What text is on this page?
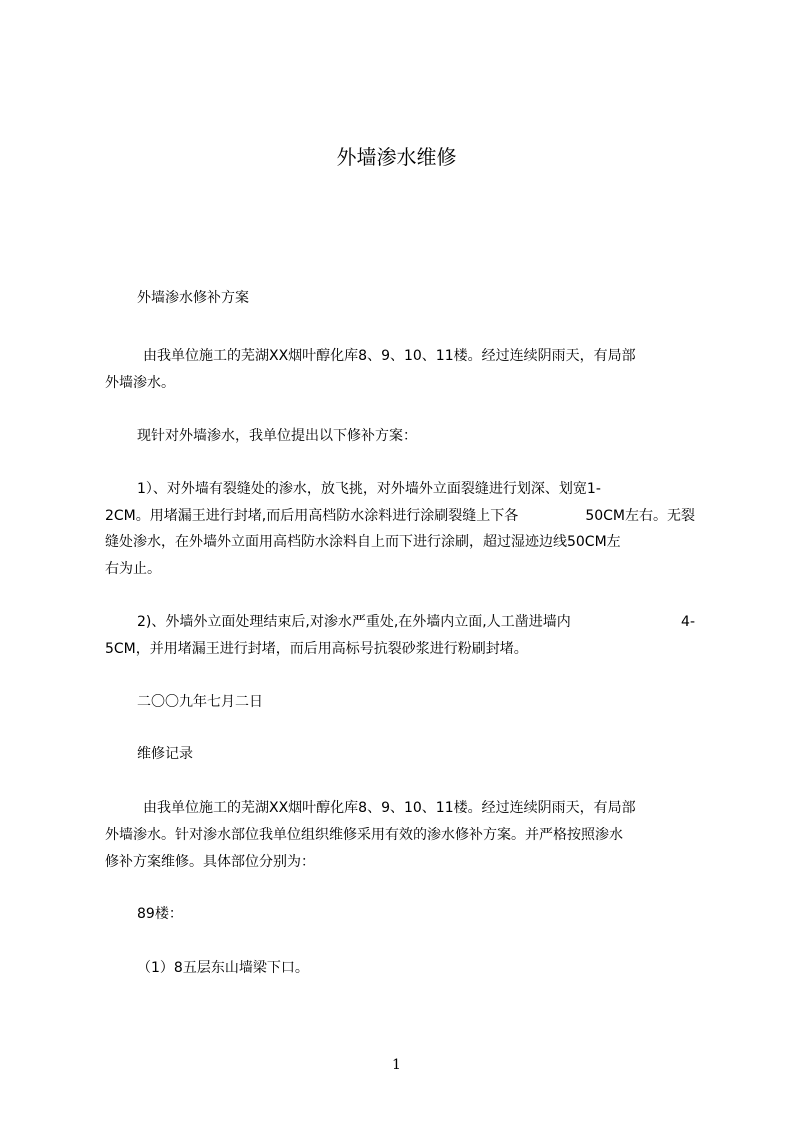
外墙渗水维修
外墙渗水修补方案
由我单位施工的芜湖XX烟叶醇化库8、9、10、11楼。经过连续阴雨天，有局部
外墙渗水。
现针对外墙渗水，我单位提出以下修补方案：
1）、对外墙有裂缝处的渗水，放飞挑，对外墙外立面裂缝进行划深、划宽1-
2CM。用堵漏王进行封堵,而后用高档防水涂料进行涂刷裂缝上下各	50CM左右。无裂
缝处渗水，在外墙外立面用高档防水涂料自上而下进行涂刷，超过湿迹边线50CM左
右为止。
2)、外墙外立面处理结束后,对渗水严重处,在外墙内立面,人工凿进墙内	4-
5CM，并用堵漏王进行封堵，而后用高标号抗裂砂浆进行粉刷封堵。
二〇〇九年七月二日
维修记录
由我单位施工的芜湖XX烟叶醇化库8、9、10、11楼。经过连续阴雨天，有局部
外墙渗水。针对渗水部位我单位组织维修采用有效的渗水修补方案。并严格按照渗水
修补方案维修。具体部位分别为：
89楼：
（1）8五层东山墙梁下口。
1
